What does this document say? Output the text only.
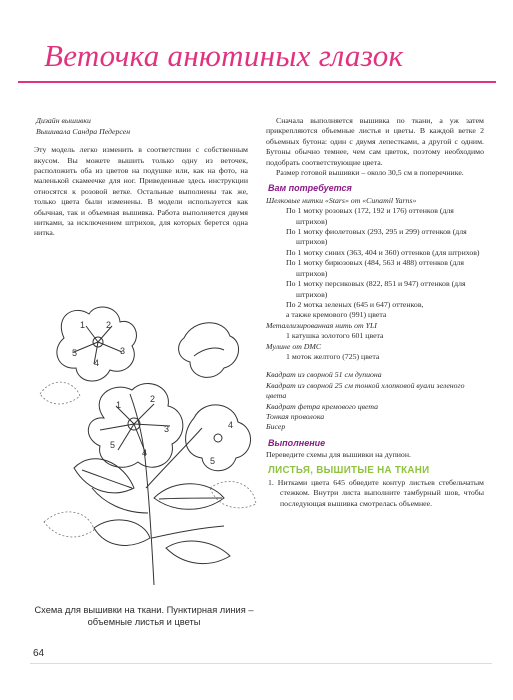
Веточка анютиных глазок
Дизайн вышивки
Вышивала Сандра Педерсен

Эту модель легко изменить в соответствии с собственным вкусом. Вы можете вышить только одну из веточек, расположить оба из цветов на подушке или, как на фото, на маленькой скамеечке для ног. Приведенные здесь инструкции относятся к розовой ветке. Остальные выполнены так же, только цвета были изменены. В модели используется как обычная, так и объемная вышивка. Работа выполняется двумя нитками, за исключением штрихов, для которых берется одна нитка.

Сначала выполняется вышивка по ткани, а уж затем прикрепляются объемные листья и цветы. В каждой ветке 2 объемных бутона: один с двумя лепестками, а другой с одним. Бутоны обычно темнее, чем сам цветок, поэтому необходимо подобрать соответствующие цвета.

Размер готовой вышивки – около 30,5 см в поперечнике.

Вам потребуется

Шелковые нитки «Stars» от «Cunamil Yarns»

По 1 мотку розовых (172, 192 и 176) оттенков (для штрихов)

По 1 мотку фиолетовых (293, 295 и 299) оттенков (для штрихов)

По 1 мотку синих (363, 404 и 360) оттенков (для штрихов)

По 1 мотку бирюзовых (484, 563 и 488) оттенков (для штрихов)

По 1 мотку персиковых (822, 851 и 947) оттенков (для штрихов)

По 2 мотка зеленых (645 и 647) оттенков,

а также кремового (991) цвета

Металлизированная нить от YLI

1 катушка золотого 601 цвета

Мулине от DMC

1 моток желтого (725) цвета

Квадрат из сворной 51 см дупиона

Квадрат из сворной 25 см тонкой хлопковой вуали зеленого цвета

Квадрат фетра кремового цвета

Тонкая проволока

Бисер

Выполнение

Переведите схемы для вышивки на дупион.

ЛИСТЬЯ, ВЫШИТЫЕ НА ТКАНИ

1. Нитками цвета 645 обведите контур листьев стебельчатым стежком. Внутри листа выполните тамбурный шов, чтобы последующая вышивка смотрелась объемнее.

1 2
3
4
5
1
2
3
4
5
4
5
Схема для вышивки на ткани. Пунктирная линия – объемные листья и цветы
64
